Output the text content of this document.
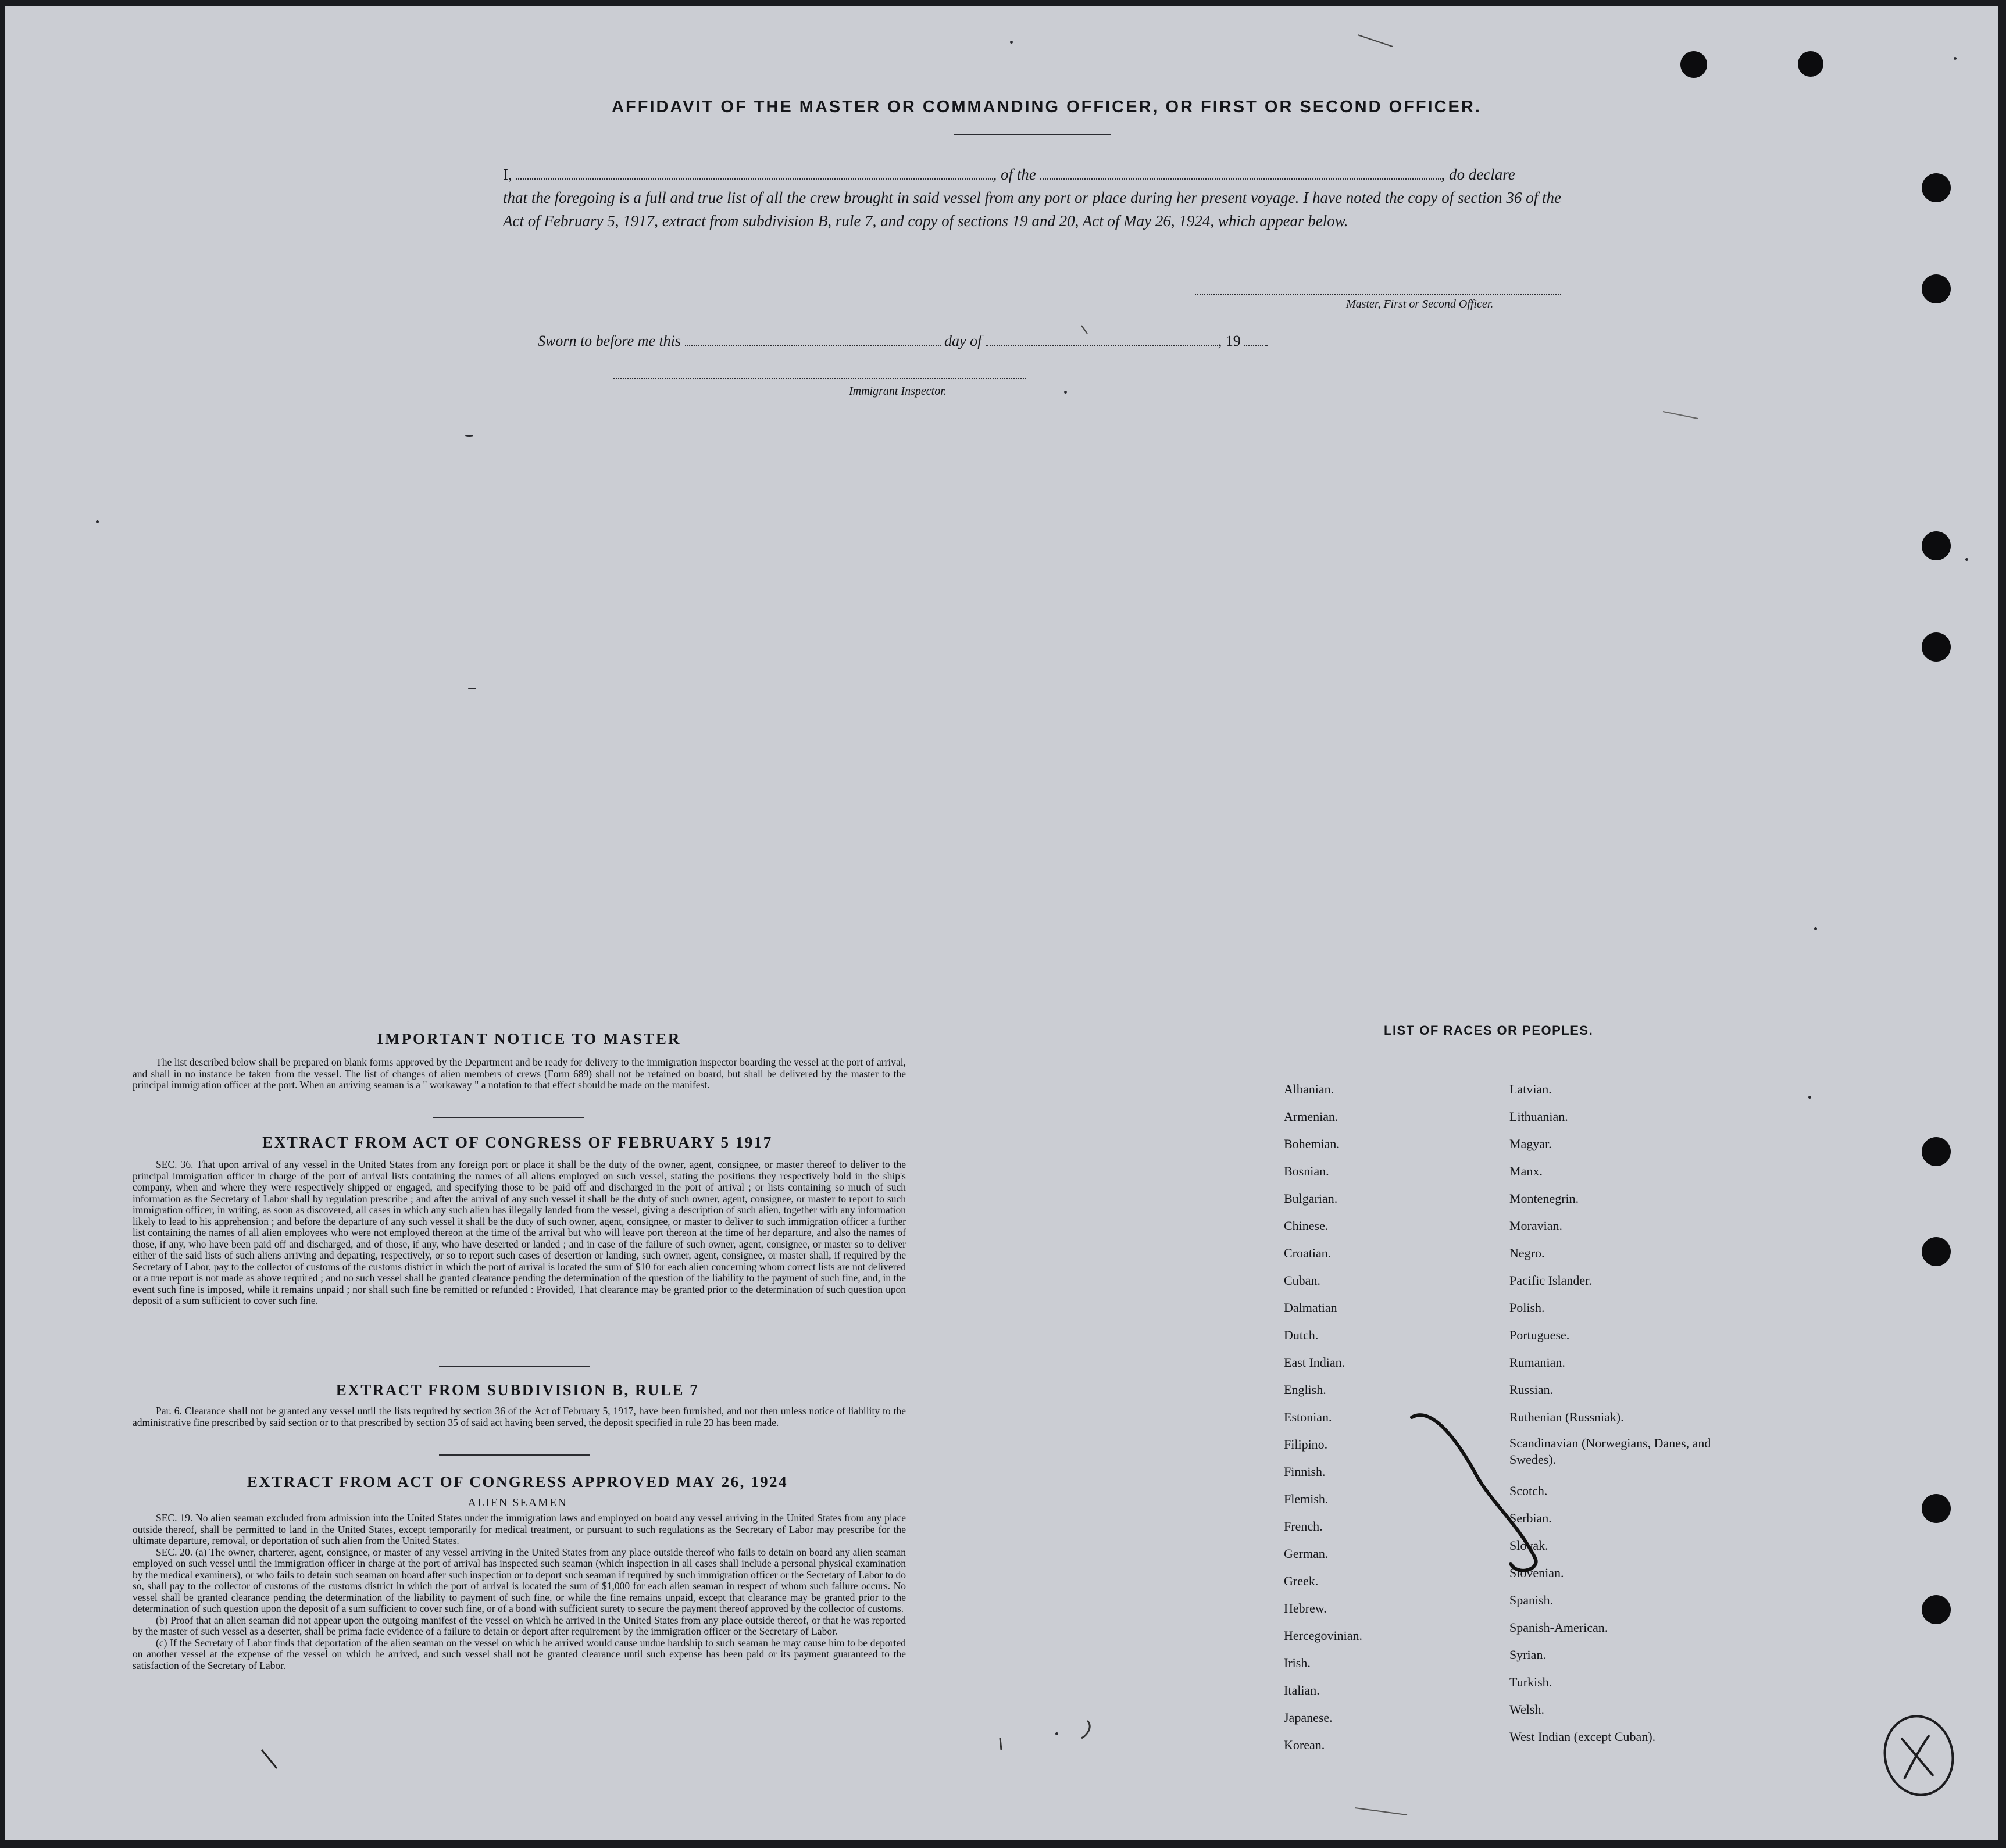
AFFIDAVIT OF THE MASTER OR COMMANDING OFFICER, OR FIRST OR SECOND OFFICER.
I,	, of the	, do declare
that the foregoing is a full and true list of all the crew brought in said vessel from any port or place during her present voyage. I have noted the copy of section 36 of the Act of February 5, 1917, extract from subdivision B, rule 7, and copy of sections 19 and 20, Act of May 26, 1924, which appear below.
Master, First or Second Officer.
Sworn to before me this	day of	, 19
Immigrant Inspector.
IMPORTANT NOTICE TO MASTER

The list described below shall be prepared on blank forms approved by the Department and be ready for delivery to the immigration inspector boarding the vessel at the port of arrival, and shall in no instance be taken from the vessel. The list of changes of alien members of crews (Form 689) shall not be retained on board, but shall be delivered by the master to the principal immigration officer at the port. When an arriving seaman is a " workaway " a notation to that effect should be made on the manifest.

EXTRACT FROM ACT OF CONGRESS OF FEBRUARY 5 1917

SEC. 36. That upon arrival of any vessel in the United States from any foreign port or place it shall be the duty of the owner, agent, consignee, or master thereof to deliver to the principal immigration officer in charge of the port of arrival lists containing the names of all aliens employed on such vessel, stating the positions they respectively hold in the ship's company, when and where they were respectively shipped or engaged, and specifying those to be paid off and discharged in the port of arrival ; or lists containing so much of such information as the Secretary of Labor shall by regulation prescribe ; and after the arrival of any such vessel it shall be the duty of such owner, agent, consignee, or master to report to such immigration officer, in writing, as soon as discovered, all cases in which any such alien has illegally landed from the vessel, giving a description of such alien, together with any information likely to lead to his apprehension ; and before the departure of any such vessel it shall be the duty of such owner, agent, consignee, or master to deliver to such immigration officer a further list containing the names of all alien employees who were not employed thereon at the time of the arrival but who will leave port thereon at the time of her departure, and also the names of those, if any, who have been paid off and discharged, and of those, if any, who have deserted or landed ; and in case of the failure of such owner, agent, consignee, or master so to deliver either of the said lists of such aliens arriving and departing, respectively, or so to report such cases of desertion or landing, such owner, agent, consignee, or master shall, if required by the Secretary of Labor, pay to the collector of customs of the customs district in which the port of arrival is located the sum of $10 for each alien concerning whom correct lists are not delivered or a true report is not made as above required ; and no such vessel shall be granted clearance pending the determination of the question of the liability to the payment of such fine, and, in the event such fine is imposed, while it remains unpaid ; nor shall such fine be remitted or refunded : Provided, That clearance may be granted prior to the determination of such question upon deposit of a sum sufficient to cover such fine.

EXTRACT FROM SUBDIVISION B, RULE 7

Par. 6. Clearance shall not be granted any vessel until the lists required by section 36 of the Act of February 5, 1917, have been furnished, and not then unless notice of liability to the administrative fine prescribed by said section or to that prescribed by section 35 of said act having been served, the deposit specified in rule 23 has been made.

EXTRACT FROM ACT OF CONGRESS APPROVED MAY 26, 1924
ALIEN SEAMEN

SEC. 19. No alien seaman excluded from admission into the United States under the immigration laws and employed on board any vessel arriving in the United States from any place outside thereof, shall be permitted to land in the United States, except temporarily for medical treatment, or pursuant to such regulations as the Secretary of Labor may prescribe for the ultimate departure, removal, or deportation of such alien from the United States.

SEC. 20. (a) The owner, charterer, agent, consignee, or master of any vessel arriving in the United States from any place outside thereof who fails to detain on board any alien seaman employed on such vessel until the immigration officer in charge at the port of arrival has inspected such seaman (which inspection in all cases shall include a personal physical examination by the medical examiners), or who fails to detain such seaman on board after such inspection or to deport such seaman if required by such immigration officer or the Secretary of Labor to do so, shall pay to the collector of customs of the customs district in which the port of arrival is located the sum of $1,000 for each alien seaman in respect of whom such failure occurs. No vessel shall be granted clearance pending the determination of the liability to payment of such fine, or while the fine remains unpaid, except that clearance may be granted prior to the determination of such question upon the deposit of a sum sufficient to cover such fine, or of a bond with sufficient surety to secure the payment thereof approved by the collector of customs.

(b) Proof that an alien seaman did not appear upon the outgoing manifest of the vessel on which he arrived in the United States from any place outside thereof, or that he was reported by the master of such vessel as a deserter, shall be prima facie evidence of a failure to detain or deport after requirement by the immigration officer or the Secretary of Labor.

(c) If the Secretary of Labor finds that deportation of the alien seaman on the vessel on which he arrived would cause undue hardship to such seaman he may cause him to be deported on another vessel at the expense of the vessel on which he arrived, and such vessel shall not be granted clearance until such expense has been paid or its payment guaranteed to the satisfaction of the Secretary of Labor.

LIST OF RACES OR PEOPLES.
Albanian.
Armenian.
Bohemian.
Bosnian.
Bulgarian.
Chinese.
Croatian.
Cuban.
Dalmatian
Dutch.
East Indian.
English.
Estonian.
Filipino.
Finnish.
Flemish.
French.
German.
Greek.
Hebrew.
Hercegovinian.
Irish.
Italian.
Japanese.
Korean.
Latvian.
Lithuanian.
Magyar.
Manx.
Montenegrin.
Moravian.
Negro.
Pacific Islander.
Polish.
Portuguese.
Rumanian.
Russian.
Ruthenian (Russniak).
Scandinavian (Norwegians, Danes, and Swedes).
Scotch.
Serbian.
Slovak.
Slovenian.
Spanish.
Spanish-American.
Syrian.
Turkish.
Welsh.
West Indian (except Cuban).
